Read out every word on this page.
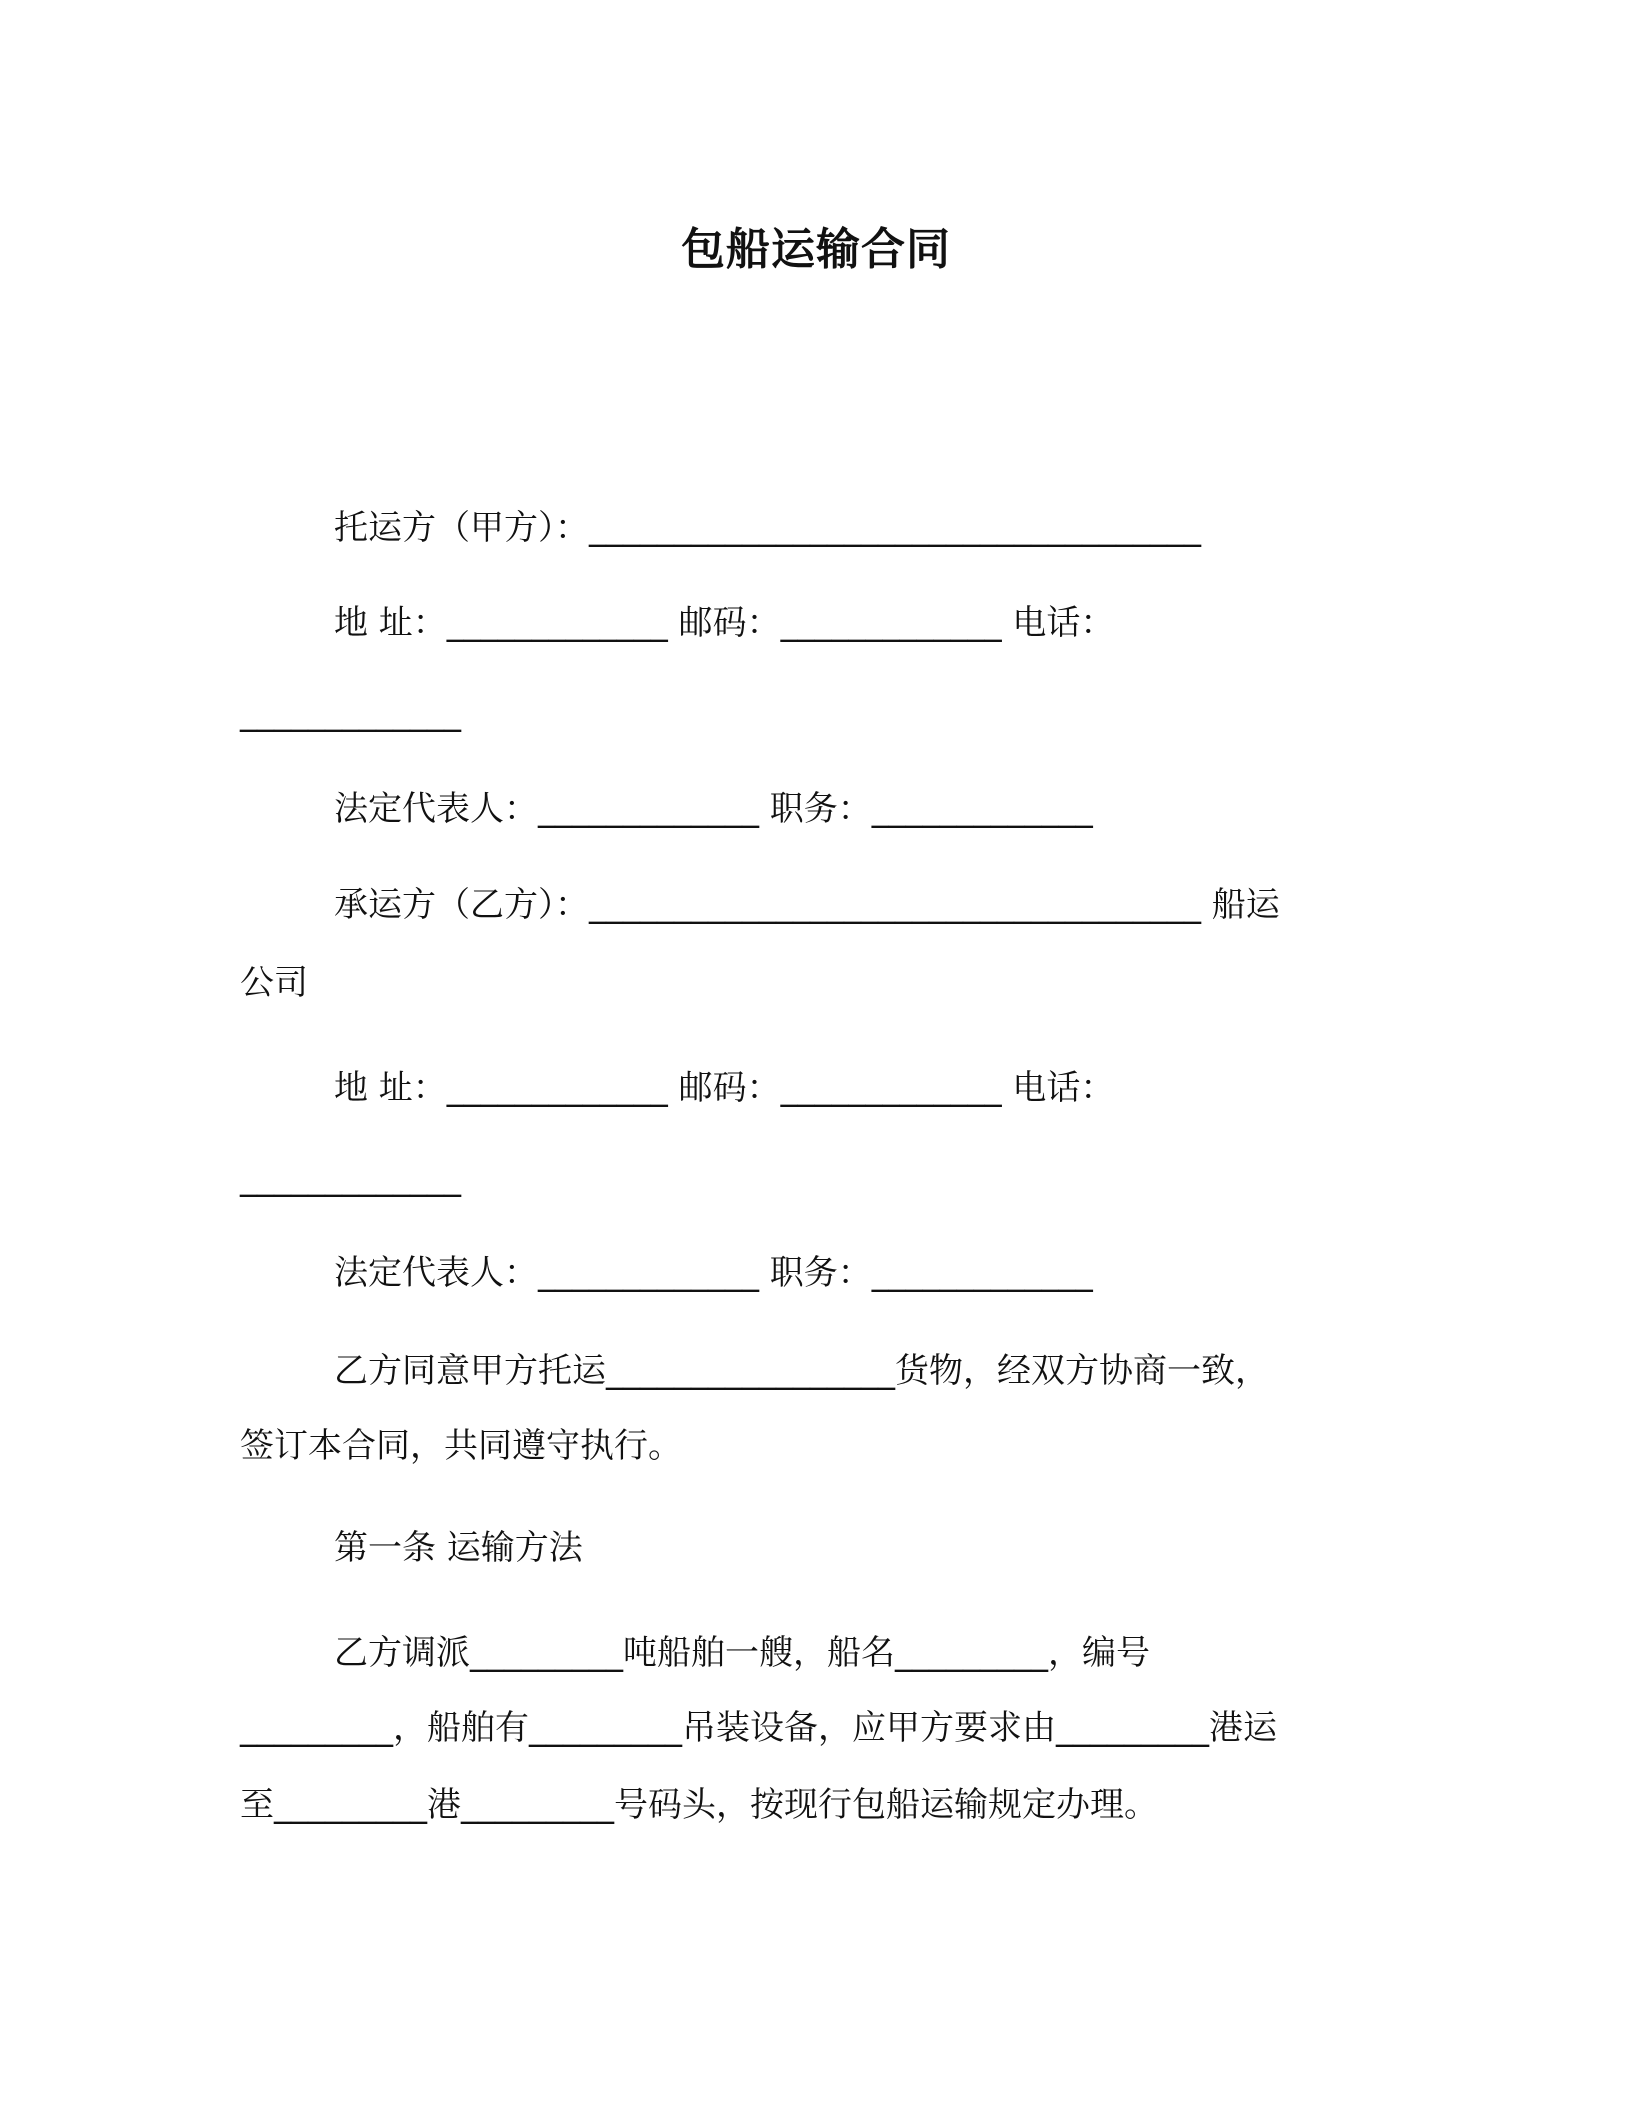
包船运输合同
托运方（甲方）：____________________________________
地 址：_____________ 邮码：_____________ 电话：
_____________
法定代表人：_____________ 职务：_____________
承运方（乙方）：____________________________________ 船运
公司
地 址：_____________ 邮码：_____________ 电话：
_____________
法定代表人：_____________ 职务：_____________
乙方同意甲方托运_________________货物，经双方协商一致，
签订本合同，共同遵守执行。
第一条 运输方法
乙方调派_________吨船舶一艘，船名_________，编号
_________，船舶有_________吊装设备，应甲方要求由_________港运
至_________港_________号码头，按现行包船运输规定办理。
